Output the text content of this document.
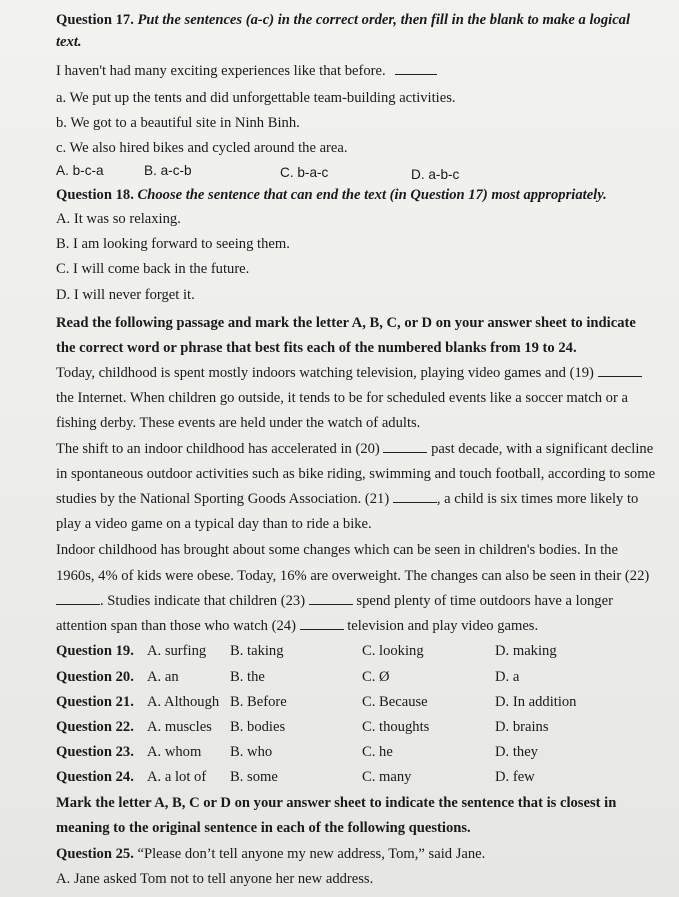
Question 17. Put the sentences (a-c) in the correct order, then fill in the blank to make a logical
text.
I haven't had many exciting experiences like that before.
a. We put up the tents and did unforgettable team-building activities.
b. We got to a beautiful site in Ninh Binh.
c. We also hired bikes and cycled around the area.
A. b-c-a	B. a-c-b	C. b-a-c	D. a-b-c
Question 18. Choose the sentence that can end the text (in Question 17) most appropriately.
A. It was so relaxing.
B. I am looking forward to seeing them.
C. I will come back in the future.
D. I will never forget it.
Read the following passage and mark the letter A, B, C, or D on your answer sheet to indicate
the correct word or phrase that best fits each of the numbered blanks from 19 to 24.
Today, childhood is spent mostly indoors watching television, playing video games and (19)
the Internet. When children go outside, it tends to be for scheduled events like a soccer match or a
fishing derby. These events are held under the watch of adults.
The shift to an indoor childhood has accelerated in (20)	past decade, with a significant decline
in spontaneous outdoor activities such as bike riding, swimming and touch football, according to some
studies by the National Sporting Goods Association. (21)	, a child is six times more likely to
play a video game on a typical day than to ride a bike.
Indoor childhood has brought about some changes which can be seen in children's bodies. In the
1960s, 4% of kids were obese. Today, 16% are overweight. The changes can also be seen in their (22)
. Studies indicate that children (23)	spend plenty of time outdoors have a longer
attention span than those who watch (24)	television and play video games.
Question 19. A. surfing B. taking	C. looking	D. making
Question 20. A. an	B. the	C. Ø	D. a
Question 21. A. Although B. Before	C. Because	D. In addition
Question 22. A. muscles B. bodies	C. thoughts	D. brains
Question 23. A. whom B. who	C. he	D. they
Question 24. A. a lot of B. some	C. many	D. few
Mark the letter A, B, C or D on your answer sheet to indicate the sentence that is closest in
meaning to the original sentence in each of the following questions.
Question 25. “Please don’t tell anyone my new address, Tom,” said Jane.
A. Jane asked Tom not to tell anyone her new address.
